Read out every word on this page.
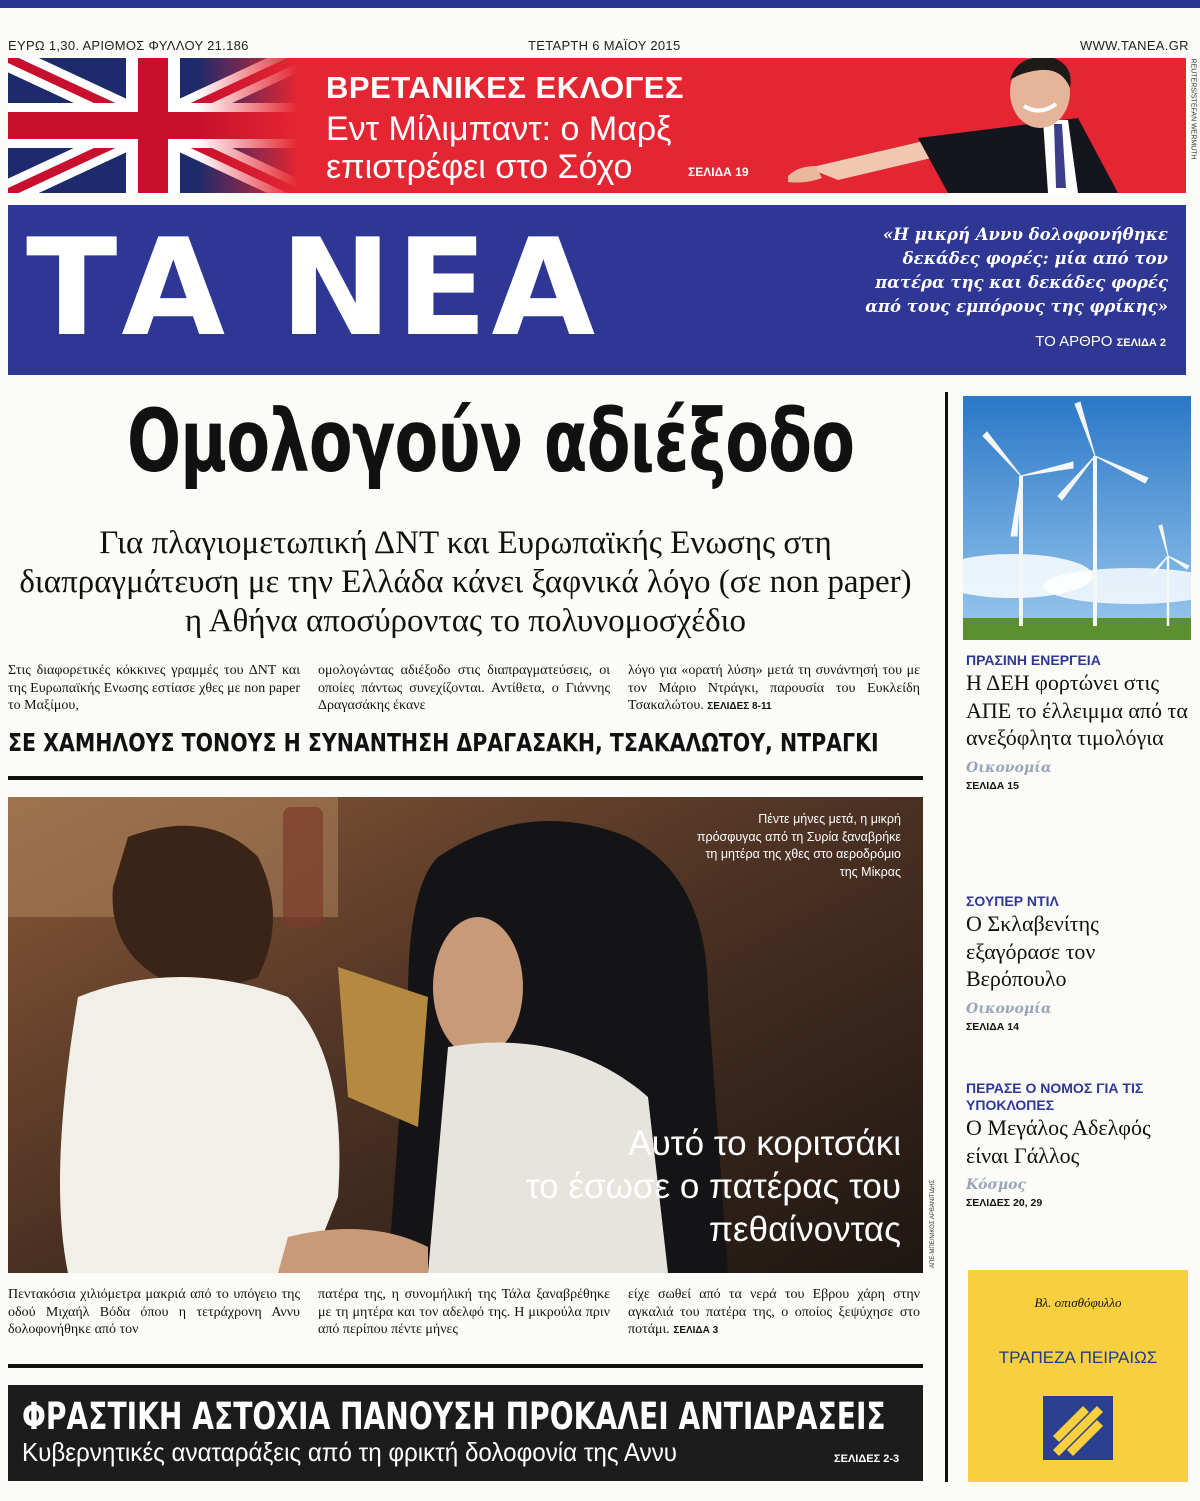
ΕΥΡΩ 1,30. ΑΡΙΘΜΟΣ ΦΥΛΛΟΥ 21.186	ΤΕΤΑΡΤΗ 6 ΜΑΪΟΥ 2015	WWW.TANEA.GR
ΒΡΕΤΑΝΙΚΕΣ ΕΚΛΟΓΕΣ
Εντ Μίλιμπαντ: ο Μαρξ
επιστρέφει στο Σόχο	ΣΕΛΙΔΑ 19
REUTERS/STEFAN WERMUTH
ΤΑ ΝΕΑ	«Η μικρή Αννυ δολοφονήθηκε δεκάδες φορές: μία από τον πατέρα της και δεκάδες φορές από τους εμπόρους της φρίκης»
ΤΟ ΑΡΘΡΟ ΣΕΛΙΔΑ 2
Ομολογούν αδιέξοδο
Για πλαγιομετωπική ΔΝΤ και Ευρωπαϊκής Ενωσης στη διαπραγμάτευση με την Ελλάδα κάνει ξαφνικά λόγο (σε non paper) η Αθήνα αποσύροντας το πολυνομοσχέδιο
Στις διαφορετικές κόκκινες γραμμές του ΔΝΤ και της Ευρωπαϊκής Ενωσης εστίασε χθες με non paper το Μαξίμου,
ομολογώντας αδιέξοδο στις διαπραγματεύσεις, οι οποίες πάντως συνεχίζονται. Αντίθετα, ο Γιάννης Δραγασάκης έκανε
λόγο για «ορατή λύση» μετά τη συνάντησή του με τον Μάριο Ντράγκι, παρουσία του Ευκλείδη Τσακαλώτου. ΣΕΛΙΔΕΣ 8-11
ΣΕ ΧΑΜΗΛΟΥΣ ΤΟΝΟΥΣ Η ΣΥΝΑΝΤΗΣΗ ΔΡΑΓΑΣΑΚΗ, ΤΣΑΚΑΛΩΤΟΥ, ΝΤΡΑΓΚΙ
Πέντε μήνες μετά, η μικρή πρόσφυγας από τη Συρία ξαναβρήκε τη μητέρα της χθες στο αεροδρόμιο της Μίκρας
Αυτό το κοριτσάκι
το έσωσε ο πατέρας του
πεθαίνοντας	ΑΠΕ-ΜΠΕ/ΝΙΚΟΣ ΑΡΒΑΝΙΤΙΔΗΣ
Πεντακόσια χιλιόμετρα μακριά από το υπόγειο της οδού Μιχαήλ Βόδα όπου η τετράχρονη Αννυ δολοφονήθηκε από τον
πατέρα της, η συνομήλική της Τάλα ξαναβρέθηκε με τη μητέρα και τον αδελφό της. Η μικρούλα πριν από περίπου πέντε μήνες
είχε σωθεί από τα νερά του Εβρου χάρη στην αγκαλιά του πατέρα της, ο οποίος ξεψύχησε στο ποτάμι. ΣΕΛΙΔΑ 3
ΦΡΑΣΤΙΚΗ ΑΣΤΟΧΙΑ ΠΑΝΟΥΣΗ ΠΡΟΚΑΛΕΙ ΑΝΤΙΔΡΑΣΕΙΣ
Κυβερνητικές αναταράξεις από τη φρικτή δολοφονία της Αννυ	ΣΕΛΙΔΕΣ 2-3
ΠΡΑΣΙΝΗ ΕΝΕΡΓΕΙΑ
Η ΔΕΗ φορτώνει στις ΑΠΕ το έλλειμμα από τα ανεξόφλητα τιμολόγια
Οικονομία
ΣΕΛΙΔΑ 15
ΣΟΥΠΕΡ ΝΤΙΛ
Ο Σκλαβενίτης εξαγόρασε τον Βερόπουλο
Οικονομία
ΣΕΛΙΔΑ 14
ΠΕΡΑΣΕ Ο ΝΟΜΟΣ ΓΙΑ ΤΙΣ ΥΠΟΚΛΟΠΕΣ
Ο Μεγάλος Αδελφός είναι Γάλλος
Κόσμος
ΣΕΛΙΔΕΣ 20, 29
Βλ. οπισθόφυλλο
ΤΡΑΠΕΖΑ ΠΕΙΡΑΙΩΣ
